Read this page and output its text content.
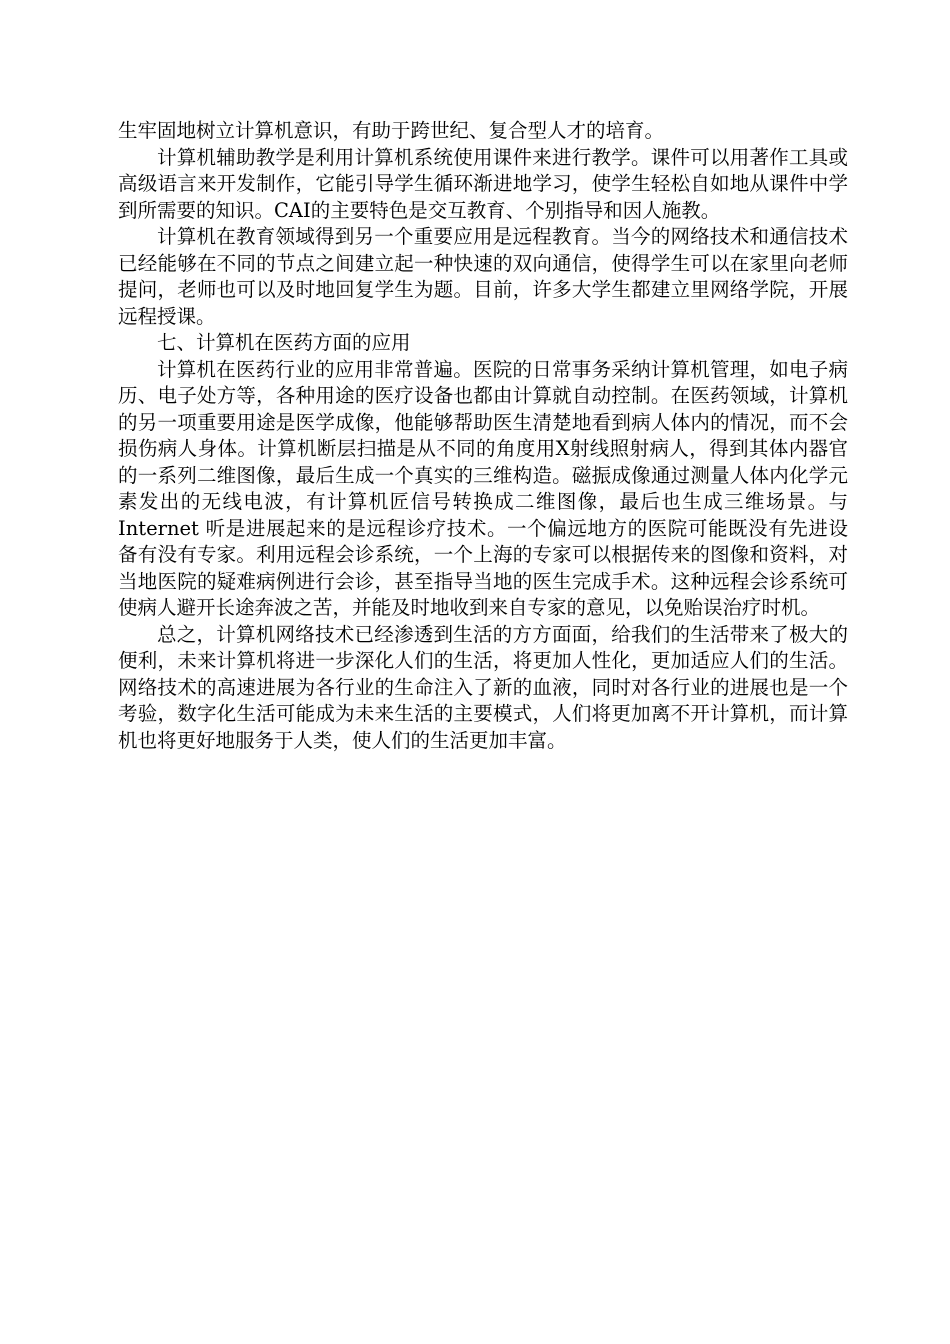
生牢固地树立计算机意识，有助于跨世纪、复合型人才的培育。

计算机辅助教学是利用计算机系统使用课件来进行教学。课件可以用著作工具或高级语言来开发制作，它能引导学生循环渐进地学习，使学生轻松自如地从课件中学到所需要的知识。CAI的主要特色是交互教育、个别指导和因人施教。

计算机在教育领域得到另一个重要应用是远程教育。当今的网络技术和通信技术已经能够在不同的节点之间建立起一种快速的双向通信，使得学生可以在家里向老师提问，老师也可以及时地回复学生为题。目前，许多大学生都建立里网络学院，开展远程授课。

七、计算机在医药方面的应用

计算机在医药行业的应用非常普遍。医院的日常事务采纳计算机管理，如电子病历、电子处方等，各种用途的医疗设备也都由计算就自动控制。在医药领域，计算机的另一项重要用途是医学成像，他能够帮助医生清楚地看到病人体内的情况，而不会损伤病人身体。计算机断层扫描是从不同的角度用X射线照射病人，得到其体内器官的一系列二维图像，最后生成一个真实的三维构造。磁振成像通过测量人体内化学元素发出的无线电波，有计算机匠信号转换成二维图像，最后也生成三维场景。与 Internet 听是进展起来的是远程诊疗技术。一个偏远地方的医院可能既没有先进设备有没有专家。利用远程会诊系统，一个上海的专家可以根据传来的图像和资料，对当地医院的疑难病例进行会诊，甚至指导当地的医生完成手术。这种远程会诊系统可使病人避开长途奔波之苦，并能及时地收到来自专家的意见，以免贻误治疗时机。

总之，计算机网络技术已经渗透到生活的方方面面，给我们的生活带来了极大的便利，未来计算机将进一步深化人们的生活，将更加人性化，更加适应人们的生活。网络技术的高速进展为各行业的生命注入了新的血液，同时对各行业的进展也是一个考验，数字化生活可能成为未来生活的主要模式，人们将更加离不开计算机，而计算机也将更好地服务于人类，使人们的生活更加丰富。
